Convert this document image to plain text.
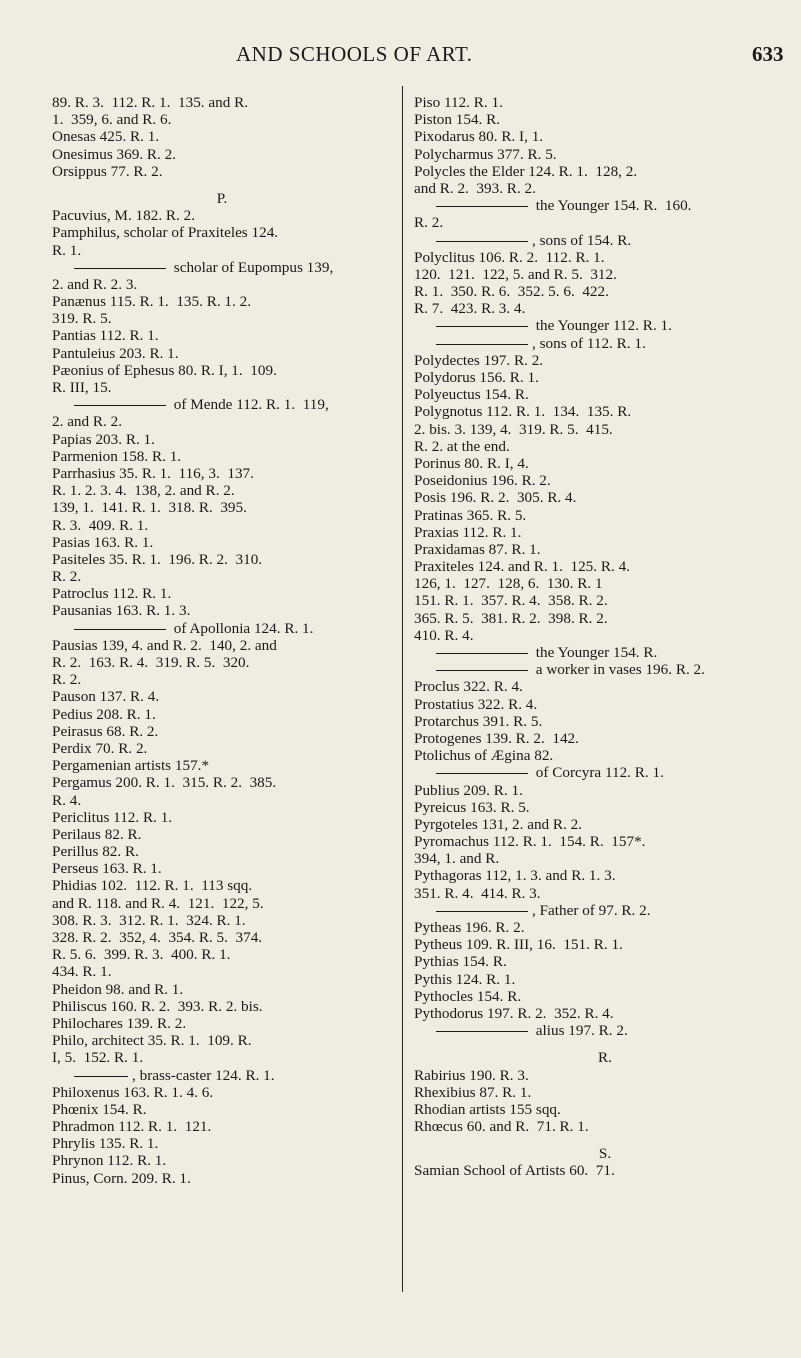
AND SCHOOLS OF ART.	633
89. R. 3.  112. R. 1.  135. and R.
1.  359, 6. and R. 6.
Onesas 425. R. 1.
Onesimus 369. R. 2.
Orsippus 77. R. 2.
P.
Pacuvius, M. 182. R. 2.
Pamphilus, scholar of Praxiteles 124.
R. 1.
scholar of Eupompus 139,
2. and R. 2. 3.
Panænus 115. R. 1.  135. R. 1. 2.
319. R. 5.
Pantias 112. R. 1.
Pantuleius 203. R. 1.
Pæonius of Ephesus 80. R. I, 1.  109.
R. III, 15.
of Mende 112. R. 1.  119,
2. and R. 2.
Papias 203. R. 1.
Parmenion 158. R. 1.
Parrhasius 35. R. 1.  116, 3.  137.
R. 1. 2. 3. 4.  138, 2. and R. 2.
139, 1.  141. R. 1.  318. R.  395.
R. 3.  409. R. 1.
Pasias 163. R. 1.
Pasiteles 35. R. 1.  196. R. 2.  310.
R. 2.
Patroclus 112. R. 1.
Pausanias 163. R. 1. 3.
of Apollonia 124. R. 1.
Pausias 139, 4. and R. 2.  140, 2. and
R. 2.  163. R. 4.  319. R. 5.  320.
R. 2.
Pauson 137. R. 4.
Pedius 208. R. 1.
Peirasus 68. R. 2.
Perdix 70. R. 2.
Pergamenian artists 157.*
Pergamus 200. R. 1.  315. R. 2.  385.
R. 4.
Periclitus 112. R. 1.
Perilaus 82. R.
Perillus 82. R.
Perseus 163. R. 1.
Phidias 102.  112. R. 1.  113 sqq.
and R. 118. and R. 4.  121.  122, 5.
308. R. 3.  312. R. 1.  324. R. 1.
328. R. 2.  352, 4.  354. R. 5.  374.
R. 5. 6.  399. R. 3.  400. R. 1.
434. R. 1.
Pheidon 98. and R. 1.
Philiscus 160. R. 2.  393. R. 2. bis.
Philochares 139. R. 2.
Philo, architect 35. R. 1.  109. R.
I, 5.  152. R. 1.
, brass-caster 124. R. 1.
Philoxenus 163. R. 1. 4. 6.
Phœnix 154. R.
Phradmon 112. R. 1.  121.
Phrylis 135. R. 1.
Phrynon 112. R. 1.
Pinus, Corn. 209. R. 1.
Piso 112. R. 1.
Piston 154. R.
Pixodarus 80. R. I, 1.
Polycharmus 377. R. 5.
Polycles the Elder 124. R. 1.  128, 2.
and R. 2.  393. R. 2.
the Younger 154. R.  160.
R. 2.
, sons of 154. R.
Polyclitus 106. R. 2.  112. R. 1.
120.  121.  122, 5. and R. 5.  312.
R. 1.  350. R. 6.  352. 5. 6.  422.
R. 7.  423. R. 3. 4.
the Younger 112. R. 1.
, sons of 112. R. 1.
Polydectes 197. R. 2.
Polydorus 156. R. 1.
Polyeuctus 154. R.
Polygnotus 112. R. 1.  134.  135. R.
2. bis. 3. 139, 4.  319. R. 5.  415.
R. 2. at the end.
Porinus 80. R. I, 4.
Poseidonius 196. R. 2.
Posis 196. R. 2.  305. R. 4.
Pratinas 365. R. 5.
Praxias 112. R. 1.
Praxidamas 87. R. 1.
Praxiteles 124. and R. 1.  125. R. 4.
126, 1.  127.  128, 6.  130. R. 1
151. R. 1.  357. R. 4.  358. R. 2.
365. R. 5.  381. R. 2.  398. R. 2.
410. R. 4.
the Younger 154. R.
a worker in vases 196. R. 2.
Proclus 322. R. 4.
Prostatius 322. R. 4.
Protarchus 391. R. 5.
Protogenes 139. R. 2.  142.
Ptolichus of Ægina 82.
of Corcyra 112. R. 1.
Publius 209. R. 1.
Pyreicus 163. R. 5.
Pyrgoteles 131, 2. and R. 2.
Pyromachus 112. R. 1.  154. R.  157*.
394, 1. and R.
Pythagoras 112, 1. 3. and R. 1. 3.
351. R. 4.  414. R. 3.
, Father of 97. R. 2.
Pytheas 196. R. 2.
Pytheus 109. R. III, 16.  151. R. 1.
Pythias 154. R.
Pythis 124. R. 1.
Pythocles 154. R.
Pythodorus 197. R. 2.  352. R. 4.
alius 197. R. 2.
R.
Rabirius 190. R. 3.
Rhexibius 87. R. 1.
Rhodian artists 155 sqq.
Rhœcus 60. and R.  71. R. 1.
S.
Samian School of Artists 60.  71.
